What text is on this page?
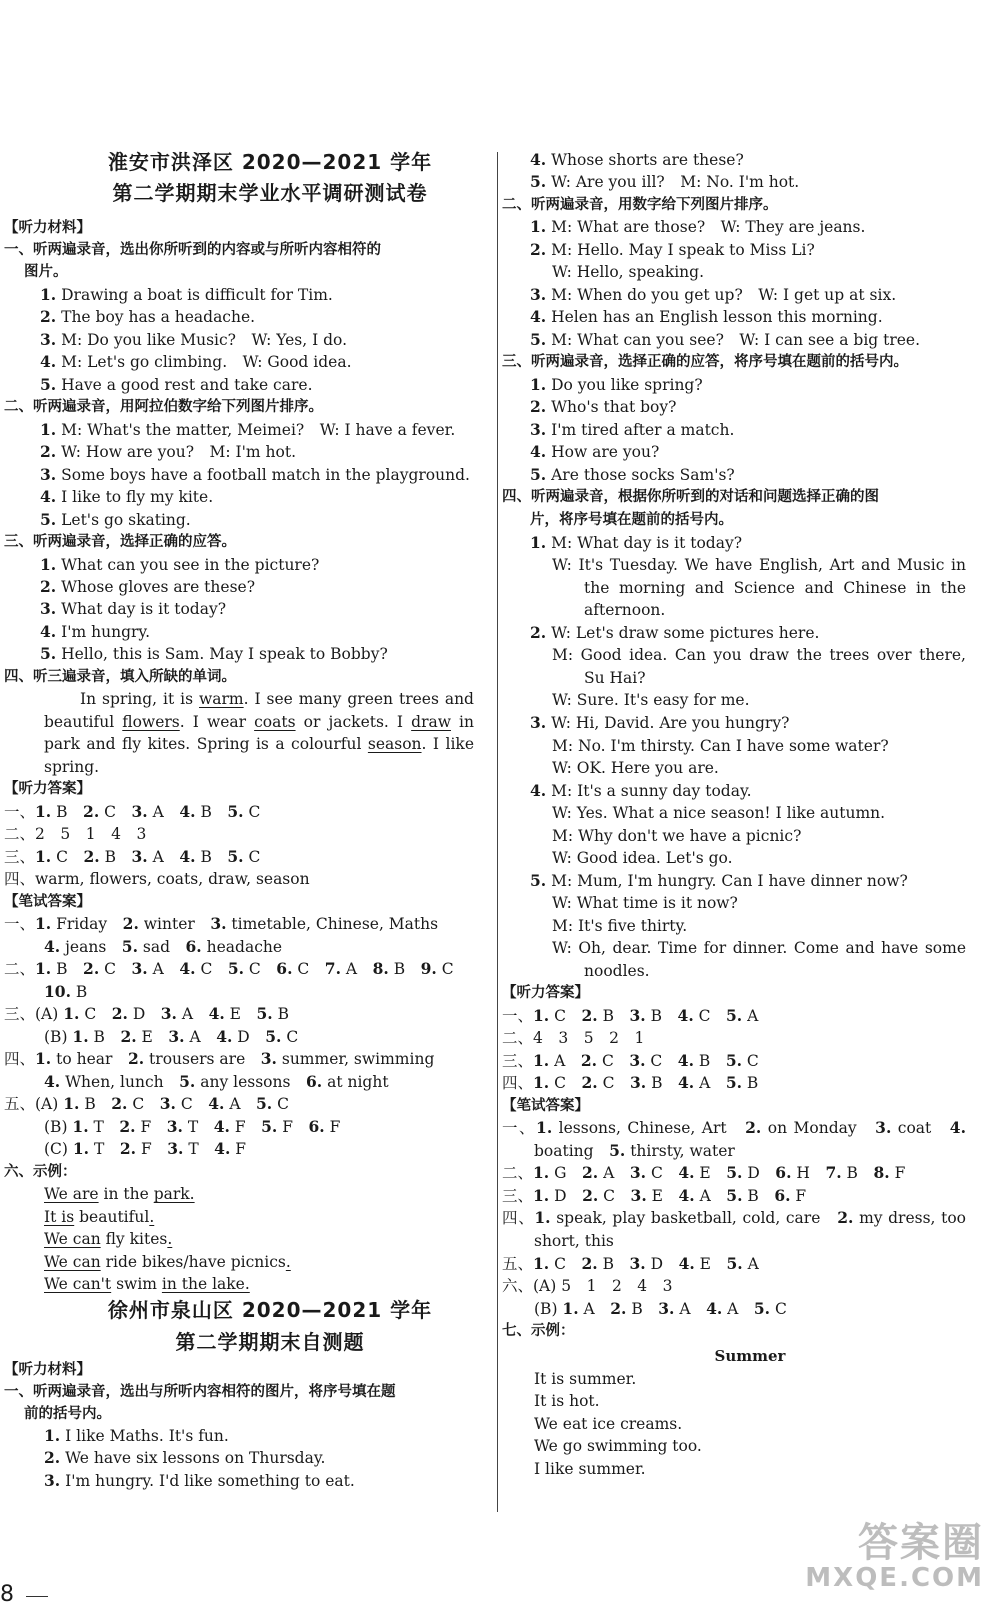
淮安市洪泽区 2020—2021 学年
第二学期期末学业水平调研测试卷
【听力材料】
一、听两遍录音，选出你所听到的内容或与所听内容相符的
图片。
1. Drawing a boat is difficult for Tim.
2. The boy has a headache.
3. M: Do you like Music?　W: Yes, I do.
4. M: Let's go climbing.　W: Good idea.
5. Have a good rest and take care.
二、听两遍录音，用阿拉伯数字给下列图片排序。
1. M: What's the matter, Meimei?　W: I have a fever.
2. W: How are you?　M: I'm hot.
3. Some boys have a football match in the playground.
4. I like to fly my kite.
5. Let's go skating.
三、听两遍录音，选择正确的应答。
1. What can you see in the picture?
2. Whose gloves are these?
3. What day is it today?
4. I'm hungry.
5. Hello, this is Sam. May I speak to Bobby?
四、听三遍录音，填入所缺的单词。
In spring, it is warm. I see many green trees and
beautiful flowers. I wear coats or jackets. I draw in
park and fly kites. Spring is a colourful season. I like
spring.
【听力答案】
一、1. B　2. C　3. A　4. B　5. C
二、2　5　1　4　3
三、1. C　2. B　3. A　4. B　5. C
四、warm, flowers, coats, draw, season
【笔试答案】
一、1. Friday　2. winter　3. timetable, Chinese, Maths
4. jeans　5. sad　6. headache
二、1. B　2. C　3. A　4. C　5. C　6. C　7. A　8. B　9. C
10. B
三、(A) 1. C　2. D　3. A　4. E　5. B
(B) 1. B　2. E　3. A　4. D　5. C
四、1. to hear　2. trousers are　3. summer, swimming
4. When, lunch　5. any lessons　6. at night
五、(A) 1. B　2. C　3. C　4. A　5. C
(B) 1. T　2. F　3. T　4. F　5. F　6. F
(C) 1. T　2. F　3. T　4. F
六、示例：
We are in the park.
It is beautiful.
We can fly kites.
We can ride bikes/have picnics.
We can't swim in the lake.
徐州市泉山区 2020—2021 学年
第二学期期末自测题
【听力材料】
一、听两遍录音，选出与所听内容相符的图片，将序号填在题
前的括号内。
1. I like Maths. It's fun.
2. We have six lessons on Thursday.
3. I'm hungry. I'd like something to eat.
4. Whose shorts are these?
5. W: Are you ill?　M: No. I'm hot.
二、听两遍录音，用数字给下列图片排序。
1. M: What are those?　W: They are jeans.
2. M: Hello. May I speak to Miss Li?
W: Hello, speaking.
3. M: When do you get up?　W: I get up at six.
4. Helen has an English lesson this morning.
5. M: What can you see?　W: I can see a big tree.
三、听两遍录音，选择正确的应答，将序号填在题前的括号内。
1. Do you like spring?
2. Who's that boy?
3. I'm tired after a match.
4. How are you?
5. Are those socks Sam's?
四、听两遍录音，根据你所听到的对话和问题选择正确的图
片，将序号填在题前的括号内。
1. M: What day is it today?
W: It's Tuesday. We have English, Art and Music in
the morning and Science and Chinese in the
afternoon.
2. W: Let's draw some pictures here.
M: Good idea. Can you draw the trees over there,
Su Hai?
W: Sure. It's easy for me.
3. W: Hi, David. Are you hungry?
M: No. I'm thirsty. Can I have some water?
W: OK. Here you are.
4. M: It's a sunny day today.
W: Yes. What a nice season! I like autumn.
M: Why don't we have a picnic?
W: Good idea. Let's go.
5. M: Mum, I'm hungry. Can I have dinner now?
W: What time is it now?
M: It's five thirty.
W: Oh, dear. Time for dinner. Come and have some
noodles.
【听力答案】
一、1. C　2. B　3. B　4. C　5. A
二、4　3　5　2　1
三、1. A　2. C　3. C　4. B　5. C
四、1. C　2. C　3. B　4. A　5. B
【笔试答案】
一、1. lessons, Chinese, Art　2. on Monday　3. coat　4.
boating　5. thirsty, water
二、1. G　2. A　3. C　4. E　5. D　6. H　7. B　8. F
三、1. D　2. C　3. E　4. A　5. B　6. F
四、1. speak, play basketball, cold, care　2. my dress, too
short, this
五、1. C　2. B　3. D　4. E　5. A
六、(A) 5　1　2　4　3
(B) 1. A　2. B　3. A　4. A　5. C
七、示例：
Summer
It is summer.
It is hot.
We eat ice creams.
We go swimming too.
I like summer.
8
答案圈
MXQE.COM
